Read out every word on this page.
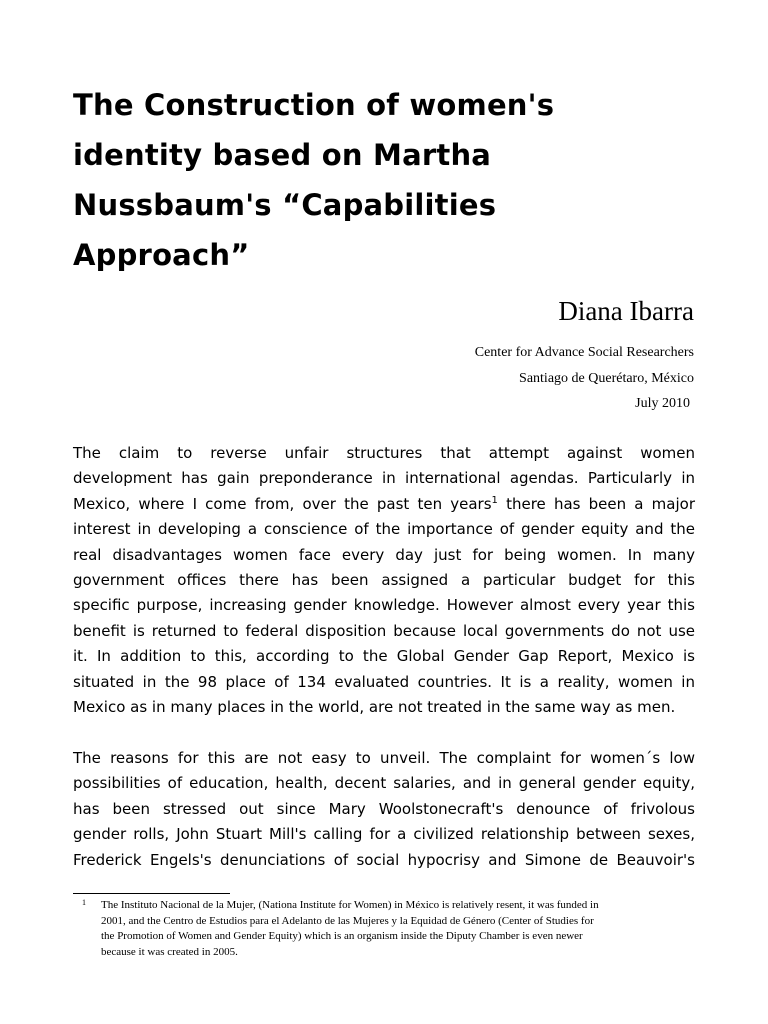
The Construction of women's
identity based on Martha
Nussbaum's “Capabilities
Approach”
Diana Ibarra
Center for Advance Social Researchers
Santiago de Querétaro, México
July 2010
The claim to reverse unfair structures that attempt against women
development has gain preponderance in international agendas. Particularly in
Mexico, where I come from, over the past ten years$^1$ there has been a major
interest in developing a conscience of the importance of gender equity and the
real disadvantages women face every day just for being women. In many
government offices there has been assigned a particular budget for this
specific purpose, increasing gender knowledge. However almost every year this
benefit is returned to federal disposition because local governments do not use
it. In addition to this, according to the Global Gender Gap Report, Mexico is
situated in the 98 place of 134 evaluated countries. It is a reality, women in
Mexico as in many places in the world, are not treated in the same way as men.
The reasons for this are not easy to unveil. The complaint for women´s low
possibilities of education, health, decent salaries, and in general gender equity,
has been stressed out since Mary Woolstonecraft's denounce of frivolous
gender rolls, John Stuart Mill's calling for a civilized relationship between sexes,
Frederick Engels's denunciations of social hypocrisy and Simone de Beauvoir's
1	The Instituto Nacional de la Mujer, (Nationa Institute for Women) in México is relatively resent, it was funded in
2001, and the Centro de Estudios para el Adelanto de las Mujeres y la Equidad de Género (Center of Studies for
the Promotion of Women and Gender Equity) which is an organism inside the Diputy Chamber is even newer
because it was created in 2005.
